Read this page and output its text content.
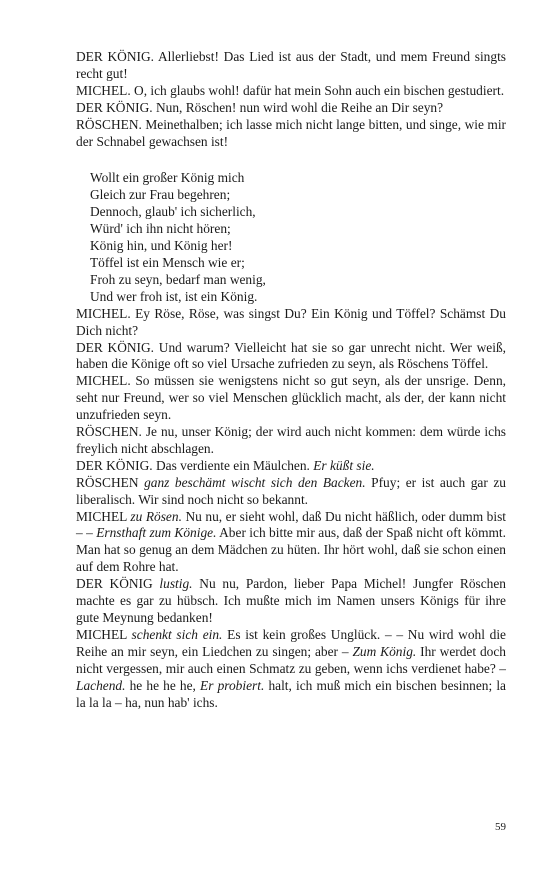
DER KÖNIG. Allerliebst! Das Lied ist aus der Stadt, und mem Freund singts recht gut!

MICHEL. O, ich glaubs wohl! dafür hat mein Sohn auch ein bischen gestudiert.

DER KÖNIG. Nun, Röschen! nun wird wohl die Reihe an Dir seyn?

RÖSCHEN. Meinethalben; ich lasse mich nicht lange bitten, und singe, wie mir der Schnabel gewachsen ist!

Wollt ein großer König mich

Gleich zur Frau begehren;

Dennoch, glaub' ich sicherlich,

Würd' ich ihn nicht hören;

König hin, und König her!

Töffel ist ein Mensch wie er;

Froh zu seyn, bedarf man wenig,

Und wer froh ist, ist ein König.

MICHEL. Ey Röse, Röse, was singst Du? Ein König und Töffel? Schämst Du Dich nicht?

DER KÖNIG. Und warum? Vielleicht hat sie so gar unrecht nicht. Wer weiß, haben die Könige oft so viel Ursache zufrieden zu seyn, als Röschens Töffel.

MICHEL. So müssen sie wenigstens nicht so gut seyn, als der unsrige. Denn, seht nur Freund, wer so viel Menschen glücklich macht, als der, der kann nicht unzufrieden seyn.

RÖSCHEN. Je nu, unser König; der wird auch nicht kommen: dem würde ichs freylich nicht abschlagen.

DER KÖNIG. Das verdiente ein Mäulchen. Er küßt sie.

RÖSCHEN ganz beschämt wischt sich den Backen. Pfuy; er ist auch gar zu liberalisch. Wir sind noch nicht so bekannt.

MICHEL zu Rösen. Nu nu, er sieht wohl, daß Du nicht häßlich, oder dumm bist – – Ernsthaft zum Könige. Aber ich bitte mir aus, daß der Spaß nicht oft kömmt. Man hat so genug an dem Mädchen zu hüten. Ihr hört wohl, daß sie schon einen auf dem Rohre hat.

DER KÖNIG lustig. Nu nu, Pardon, lieber Papa Michel! Jungfer Röschen machte es gar zu hübsch. Ich mußte mich im Namen unsers Königs für ihre gute Meynung bedanken!

MICHEL schenkt sich ein. Es ist kein großes Unglück. – – Nu wird wohl die Reihe an mir seyn, ein Liedchen zu singen; aber – Zum König. Ihr werdet doch nicht vergessen, mir auch einen Schmatz zu geben, wenn ichs verdienet habe? – Lachend. he he he he, Er probiert. halt, ich muß mich ein bischen besinnen; la la la la – ha, nun hab' ichs.

59
